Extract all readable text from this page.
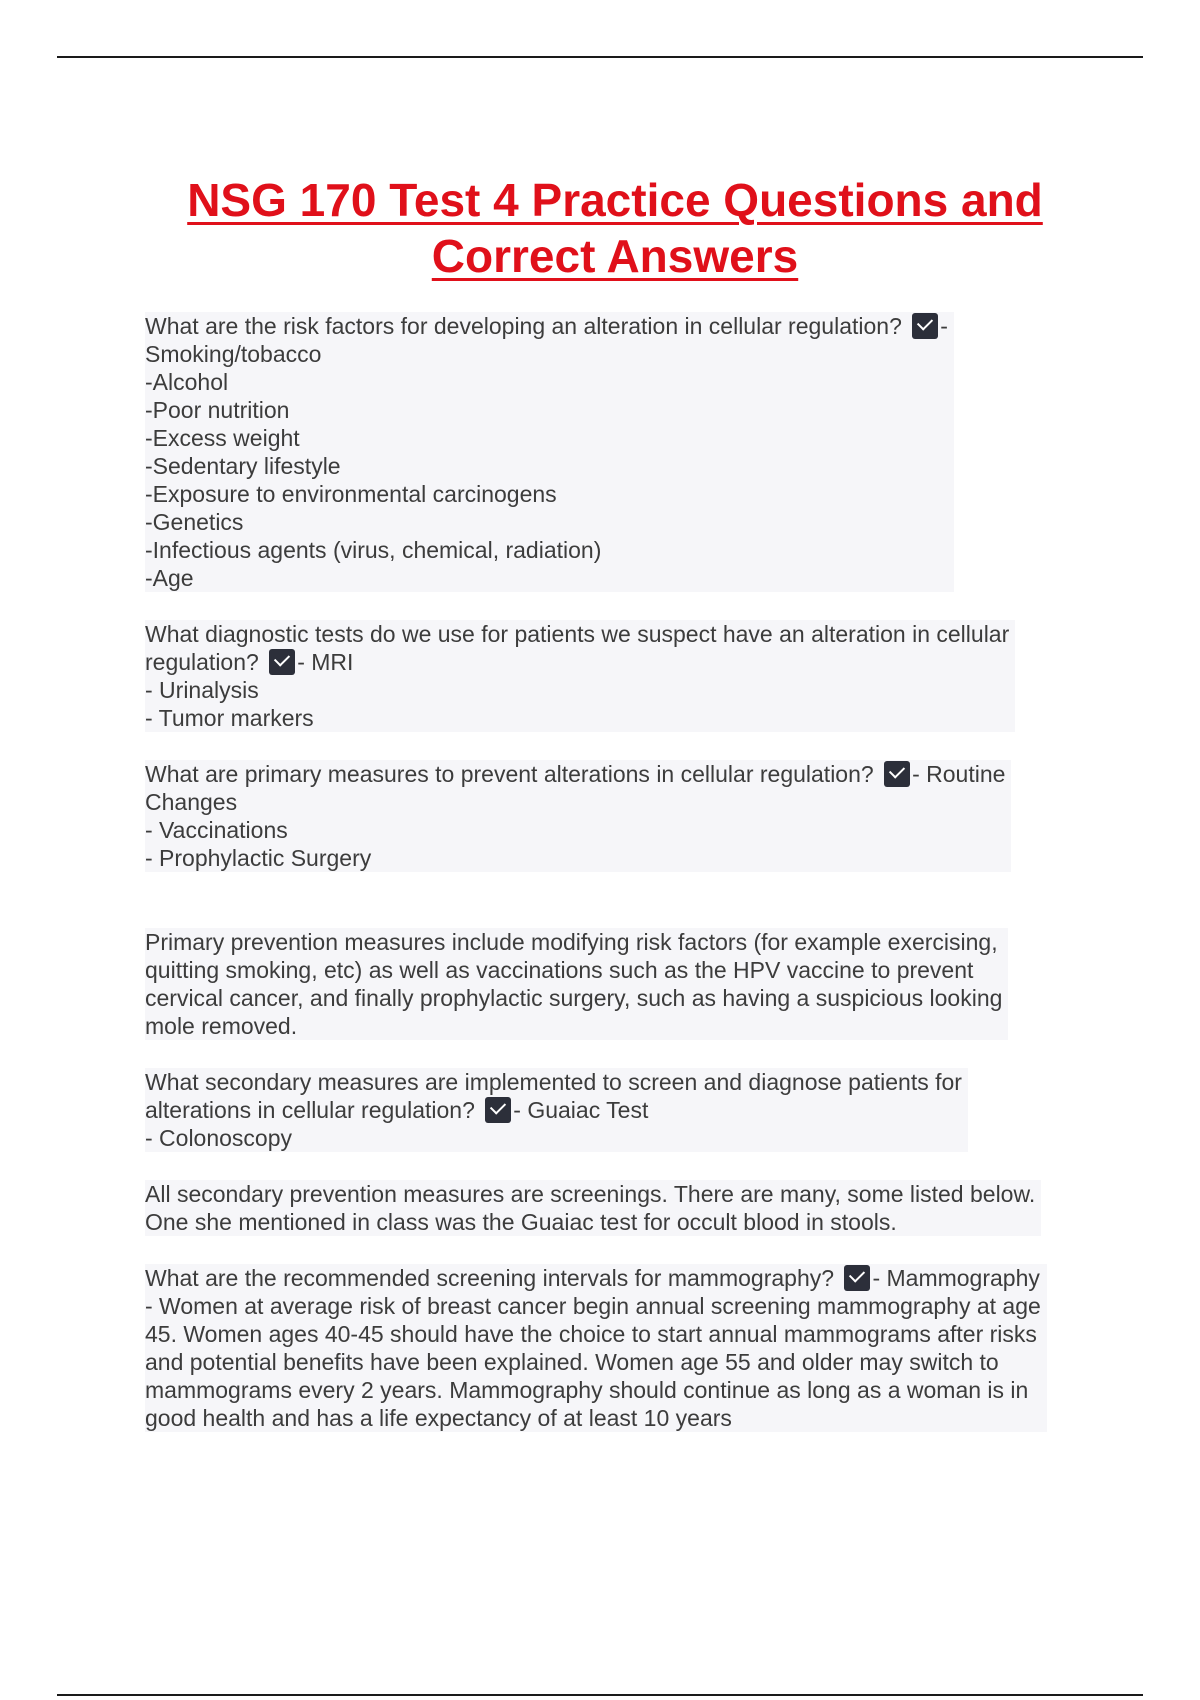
NSG 170 Test 4 Practice Questions and
Correct Answers
What are the risk factors for developing an alteration in cellular regulation? -
Smoking/tobacco
-Alcohol
-Poor nutrition
-Excess weight
-Sedentary lifestyle
-Exposure to environmental carcinogens
-Genetics
-Infectious agents (virus, chemical, radiation)
-Age

What diagnostic tests do we use for patients we suspect have an alteration in cellular
regulation? - MRI
- Urinalysis
- Tumor markers

What are primary measures to prevent alterations in cellular regulation? - Routine
Changes
- Vaccinations
- Prophylactic Surgery

Primary prevention measures include modifying risk factors (for example exercising,
quitting smoking, etc) as well as vaccinations such as the HPV vaccine to prevent
cervical cancer, and finally prophylactic surgery, such as having a suspicious looking
mole removed.

What secondary measures are implemented to screen and diagnose patients for
alterations in cellular regulation? - Guaiac Test
- Colonoscopy

All secondary prevention measures are screenings. There are many, some listed below.
One she mentioned in class was the Guaiac test for occult blood in stools.

What are the recommended screening intervals for mammography? - Mammography
- Women at average risk of breast cancer begin annual screening mammography at age
45. Women ages 40-45 should have the choice to start annual mammograms after risks
and potential benefits have been explained. Women age 55 and older may switch to
mammograms every 2 years. Mammography should continue as long as a woman is in
good health and has a life expectancy of at least 10 years
